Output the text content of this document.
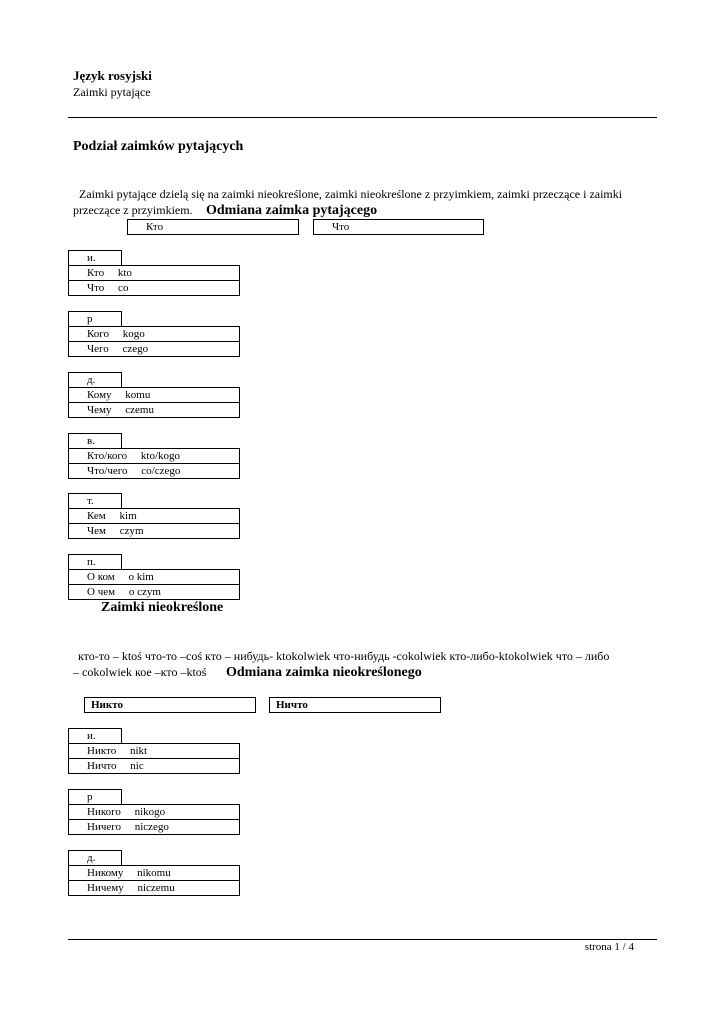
Język rosyjski
Zaimki pytające
Podział zaimków pytających
Zaimki pytające dzielą się na zaimki nieokreślone, zaimki nieokreślone z przyimkiem, zaimki przeczące i zaimki
przeczące z przyimkiem. Odmiana zaimka pytającego
Кто	Что
и.
Кто     kto
Что     co
р
Кого     kogo
Чего     czego
д.
Кому     komu
Чему     czemu
в.
Кто/кого     kto/kogo
Что/чего     co/czego
т.
Кем     kim
Чем     czym
п.
О ком     o kim
О чем     o czym
Zaimki nieokreślone
кто-то – ktoś что-то –coś кто – нибудь- ktokolwiek что-нибудь -cokolwiek кто-либо-ktokolwiek что – либо
– cokolwiek кое –кто –ktoś	Odmiana zaimka nieokreślonego
Никто	Ничто
и.
Никто     nikt
Ничто     nic
р
Никого     nikogo
Ничего     niczego
д.
Никому     nikomu
Ничему     niczemu
strona 1 / 4
